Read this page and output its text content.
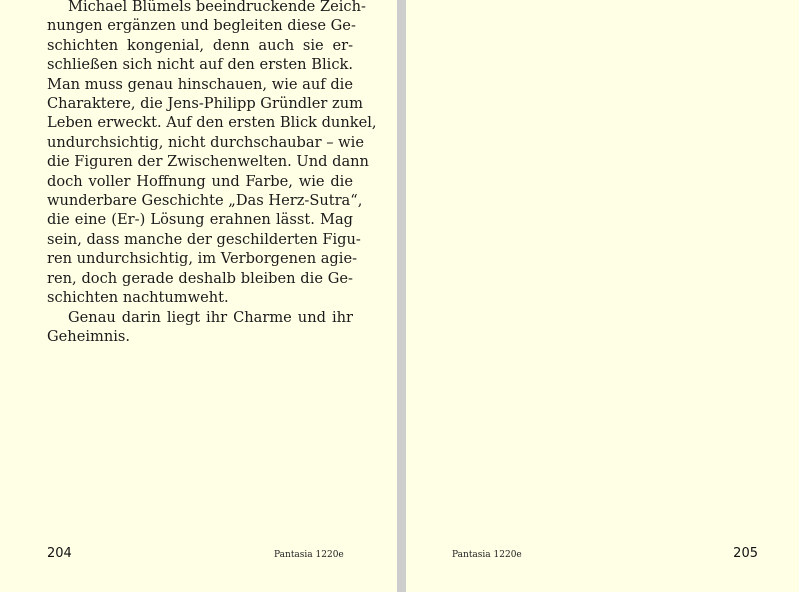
Michael Blümels beeindruckende Zeich-
nungen ergänzen und begleiten diese Ge-
schichten kongenial, denn auch sie er-
schließen sich nicht auf den ersten Blick.
Man muss genau hinschauen, wie auf die
Charaktere, die Jens-Philipp Gründler zum
Leben erweckt. Auf den ersten Blick dunkel,
undurchsichtig, nicht durchschaubar – wie
die Figuren der Zwischenwelten. Und dann
doch voller Hoffnung und Farbe, wie die
wunderbare Geschichte „Das Herz-Sutra“,
die eine (Er-) Lösung erahnen lässt. Mag
sein, dass manche der geschilderten Figu-
ren undurchsichtig, im Verborgenen agie-
ren, doch gerade deshalb bleiben die Ge-
schichten nachtumweht.
Genau darin liegt ihr Charme und ihr
Geheimnis.
204	Pantasia 1220e	Pantasia 1220e	205
